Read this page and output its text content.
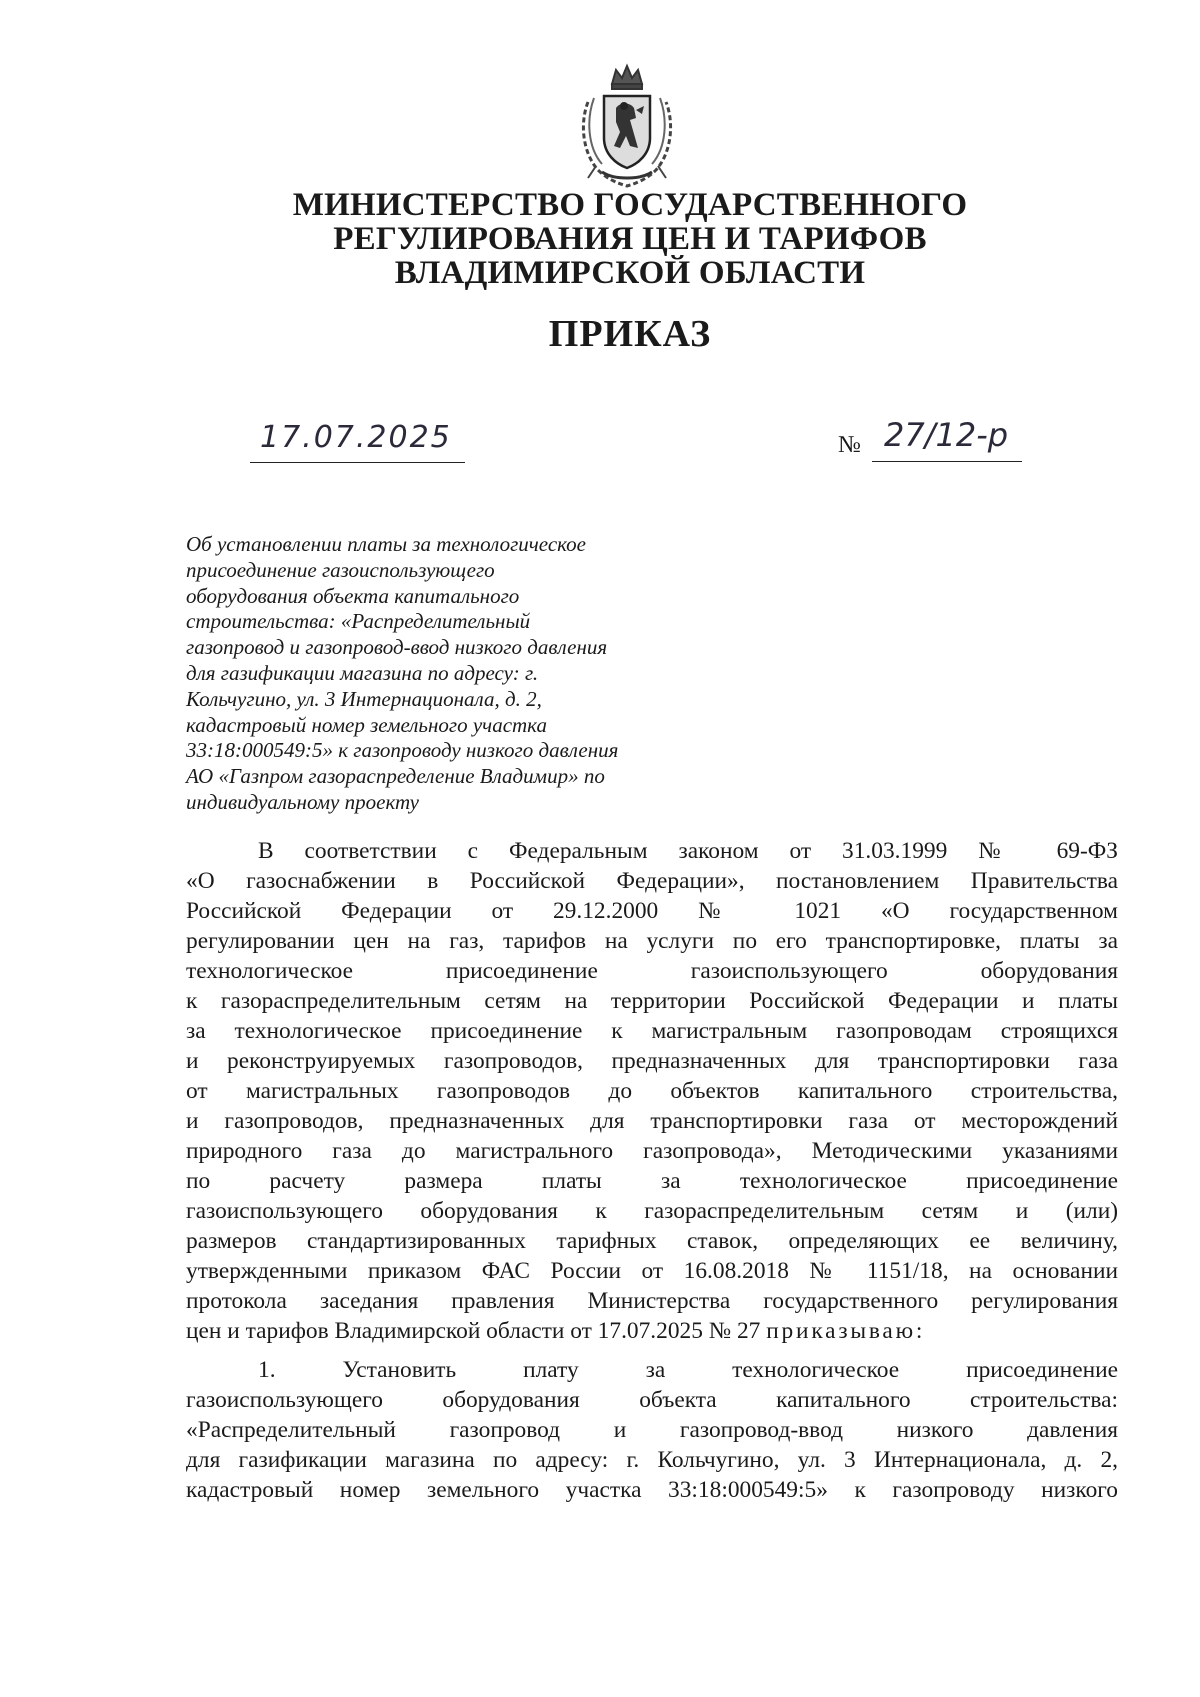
МИНИСТЕРСТВО ГОСУДАРСТВЕННОГО
РЕГУЛИРОВАНИЯ ЦЕН И ТАРИФОВ
ВЛАДИМИРСКОЙ ОБЛАСТИ
ПРИКАЗ
17.07.2025	№ 27/12-р
Об установлении платы за технологическое
присоединение газоиспользующего
оборудования объекта капитального
строительства: «Распределительный
газопровод и газопровод-ввод низкого давления
для газификации магазина по адресу: г.
Кольчугино, ул. 3 Интернационала, д. 2,
кадастровый номер земельного участка
33:18:000549:5» к газопроводу низкого давления
АО «Газпром газораспределение Владимир» по
индивидуальному проекту
В соответствии с Федеральным законом от 31.03.1999 № 69-ФЗ
«О газоснабжении в Российской Федерации», постановлением Правительства
Российской Федерации от 29.12.2000 № 1021 «О государственном
регулировании цен на газ, тарифов на услуги по его транспортировке, платы за
технологическое присоединение газоиспользующего оборудования
к газораспределительным сетям на территории Российской Федерации и платы
за технологическое присоединение к магистральным газопроводам строящихся
и реконструируемых газопроводов, предназначенных для транспортировки газа
от магистральных газопроводов до объектов капитального строительства,
и газопроводов, предназначенных для транспортировки газа от месторождений
природного газа до магистрального газопровода», Методическими указаниями
по расчету размера платы за технологическое присоединение
газоиспользующего оборудования к газораспределительным сетям и (или)
размеров стандартизированных тарифных ставок, определяющих ее величину,
утвержденными приказом ФАС России от 16.08.2018 № 1151/18, на основании
протокола заседания правления Министерства государственного регулирования
цен и тарифов Владимирской области от 17.07.2025 № 27 приказываю:
1. Установить плату за технологическое присоединение
газоиспользующего оборудования объекта капитального строительства:
«Распределительный газопровод и газопровод-ввод низкого давления
для газификации магазина по адресу: г. Кольчугино, ул. 3 Интернационала, д. 2,
кадастровый номер земельного участка 33:18:000549:5» к газопроводу низкого
